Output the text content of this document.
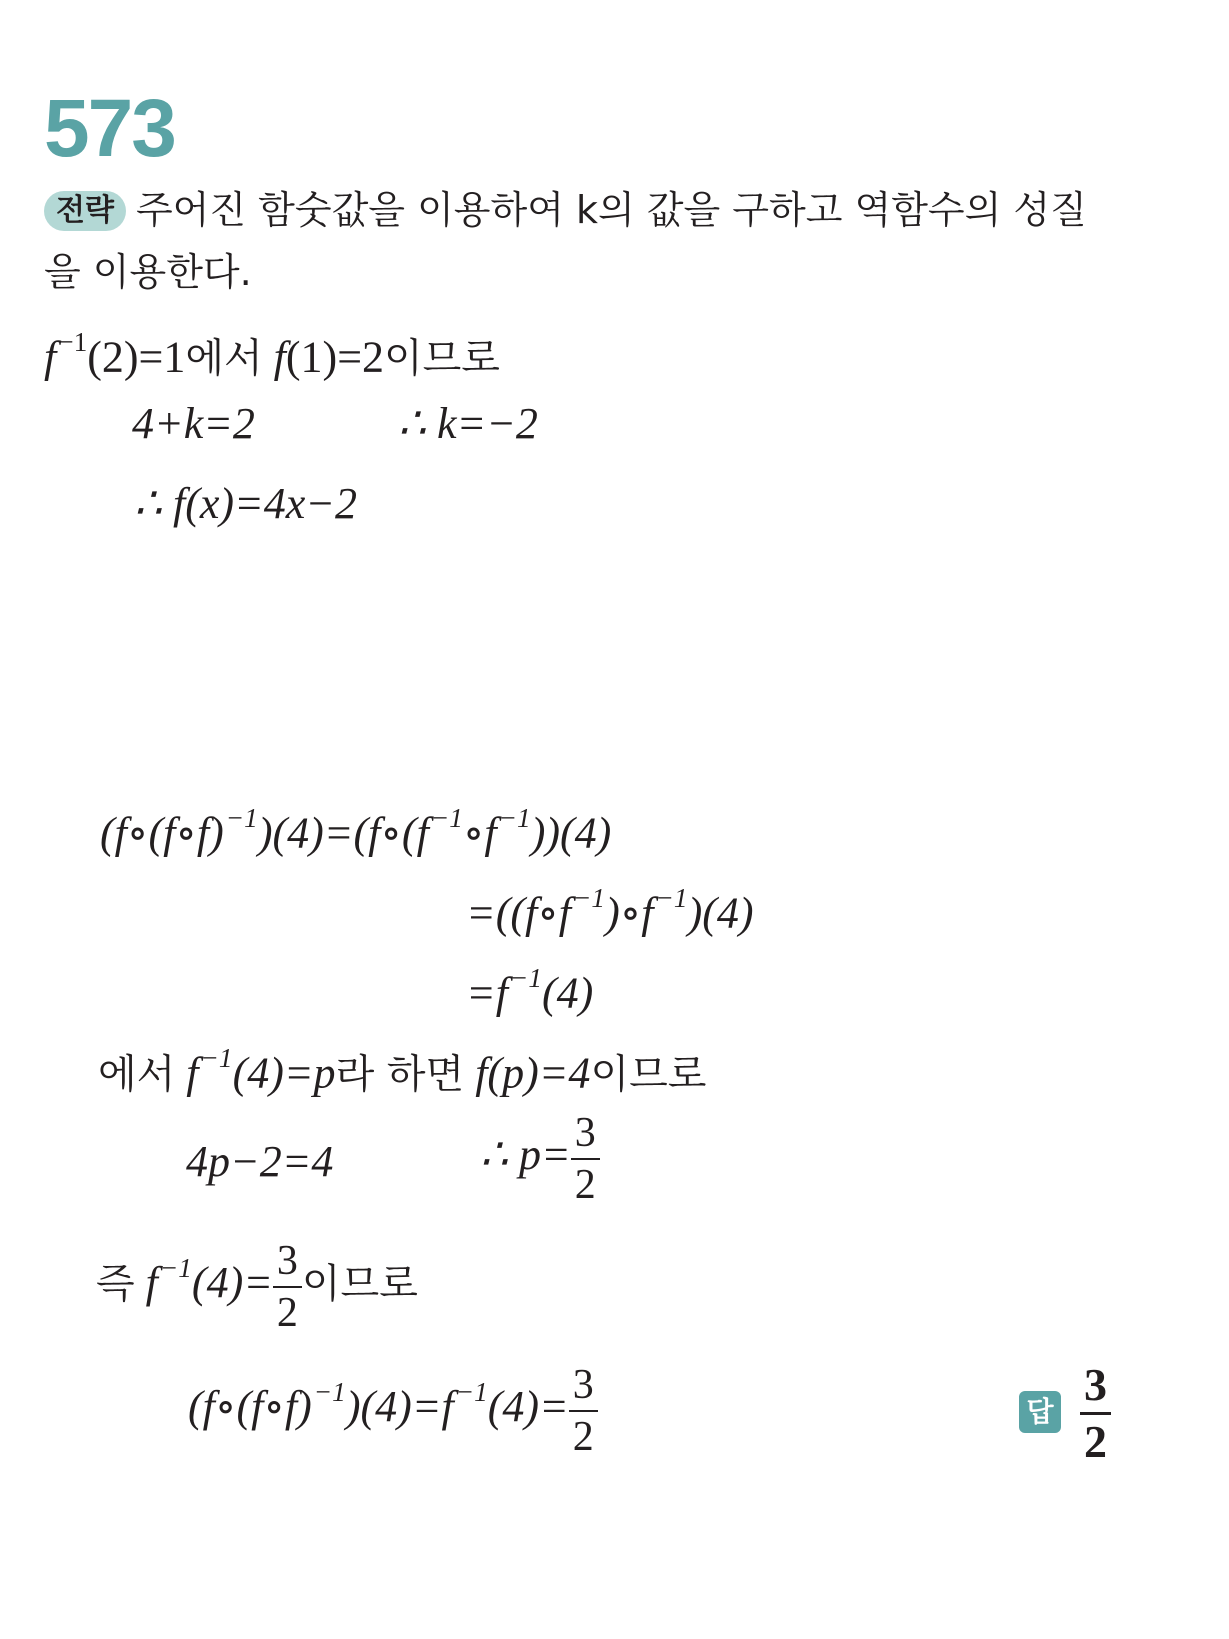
573
전략 주어진 함숫값을 이용하여 k의 값을 구하고 역함수의 성질
을 이용한다.
$f^{-1}(2)=1$에서 f(1)=2이므로
4+k=2	∴ k=−2
∴ f(x)=4x−2
$(f\circ(f\circ f)^{-1})(4)=(f\circ(f^{-1}\circ f^{-1}))(4)$
$=((f\circ f^{-1})\circ f^{-1})(4)$
$=f^{-1}(4)$
에서 $f^{-1}(4)=p$라 하면 f(p)=4이므로
4p−2=4	∴ $p= \frac{3}{2}$
즉 $f^{-1}(4)= \frac{3}{2}$ 이므로
$(f\circ(f\circ f)^{-1})(4)=f^{-1}(4)= \frac{3}{2}$	답 $\frac{3}{2}$
